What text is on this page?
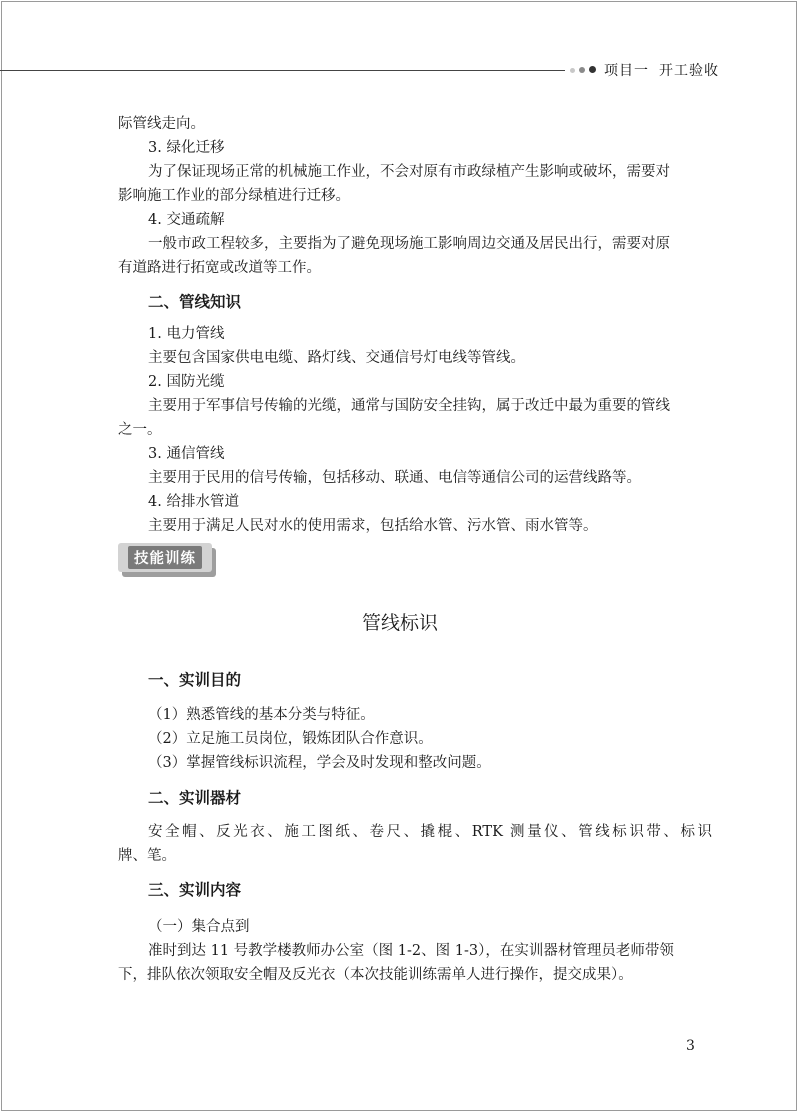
项目一 开工验收
际管线走向。
3. 绿化迁移
为了保证现场正常的机械施工作业，不会对原有市政绿植产生影响或破坏，需要对
影响施工作业的部分绿植进行迁移。
4. 交通疏解
一般市政工程较多，主要指为了避免现场施工影响周边交通及居民出行，需要对原
有道路进行拓宽或改道等工作。
二、管线知识
1. 电力管线
主要包含国家供电电缆、路灯线、交通信号灯电线等管线。
2. 国防光缆
主要用于军事信号传输的光缆，通常与国防安全挂钩，属于改迁中最为重要的管线
之一。
3. 通信管线
主要用于民用的信号传输，包括移动、联通、电信等通信公司的运营线路等。
4. 给排水管道
主要用于满足人民对水的使用需求，包括给水管、污水管、雨水管等。
技能训练
管线标识
一、实训目的
（1）熟悉管线的基本分类与特征。
（2）立足施工员岗位，锻炼团队合作意识。
（3）掌握管线标识流程，学会及时发现和整改问题。
二、实训器材
安全帽、反光衣、施工图纸、卷尺、撬棍、RTK 测量仪、管线标识带、标识
牌、笔。
三、实训内容
（一）集合点到
准时到达 11 号教学楼教师办公室（图 1-2、图 1-3），在实训器材管理员老师带领
下，排队依次领取安全帽及反光衣（本次技能训练需单人进行操作，提交成果）。
3
